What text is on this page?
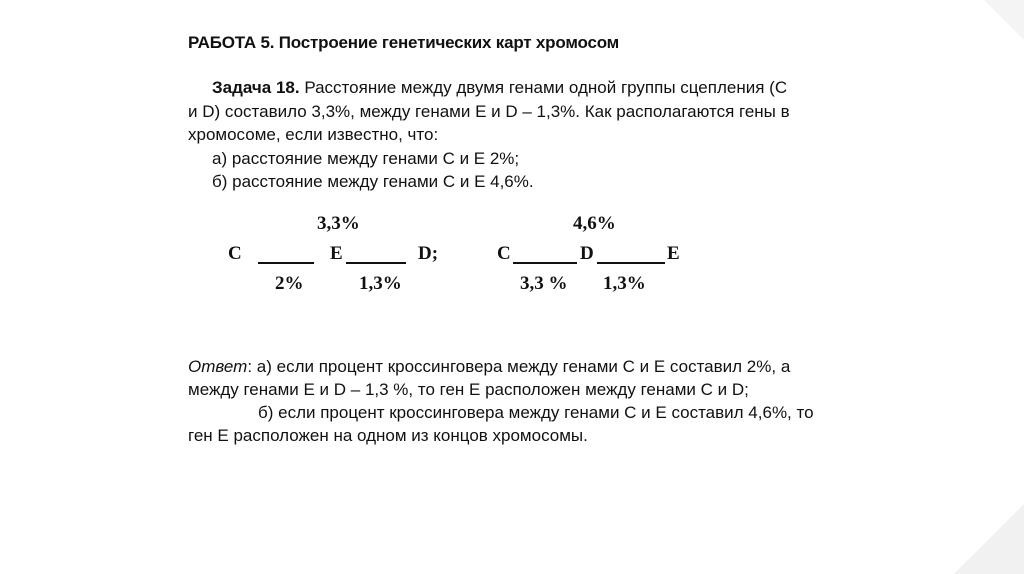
РАБОТА 5. Построение генетических карт хромосом
Задача 18. Расстояние между двумя генами одной группы сцепления (C
и D) составило 3,3%, между генами E и D – 1,3%. Как располагаются гены в
хромосоме, если известно, что:
а) расстояние между генами C и E 2%;
б) расстояние между генами C и E 4,6%.
3,3%
C	E	D;
2%	1,3%
4,6%
C	D	E
3,3 % 1,3%
Ответ: а) если процент кроссинговера между генами C и E составил 2%, а
между генами E и D – 1,3 %, то ген E расположен между генами C и D;
б) если процент кроссинговера между генами C и E составил 4,6%, то
ген E расположен на одном из концов хромосомы.
